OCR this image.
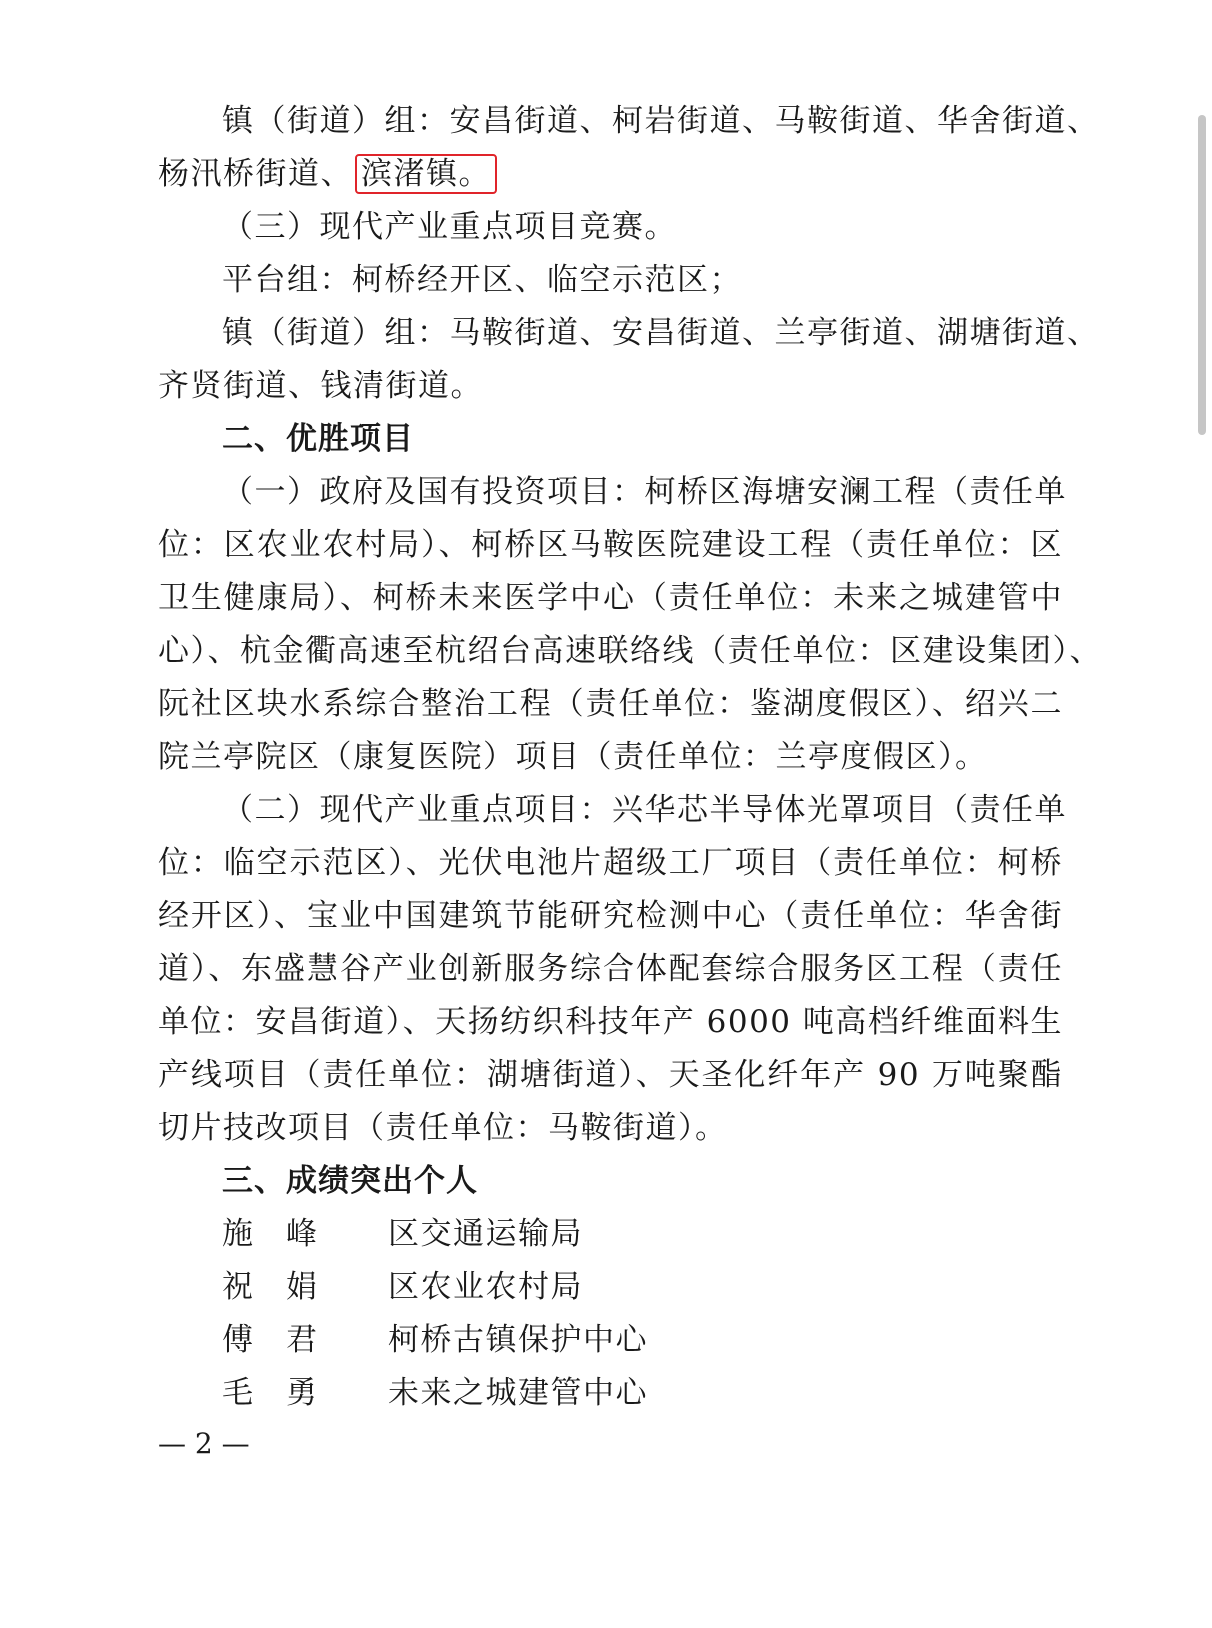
镇（街道）组：安昌街道、柯岩街道、马鞍街道、华舍街道、
杨汛桥街道、 滨渚镇。
（三）现代产业重点项目竞赛。
平台组：柯桥经开区、临空示范区；
镇（街道）组：马鞍街道、安昌街道、兰亭街道、湖塘街道、
齐贤街道、钱清街道。
二、优胜项目
（一）政府及国有投资项目：柯桥区海塘安澜工程（责任单
位：区农业农村局）、柯桥区马鞍医院建设工程（责任单位：区
卫生健康局）、柯桥未来医学中心（责任单位：未来之城建管中
心）、杭金衢高速至杭绍台高速联络线（责任单位：区建设集团）、
阮社区块水系综合整治工程（责任单位：鉴湖度假区）、绍兴二
院兰亭院区（康复医院）项目（责任单位：兰亭度假区）。
（二）现代产业重点项目：兴华芯半导体光罩项目（责任单
位：临空示范区）、光伏电池片超级工厂项目（责任单位：柯桥
经开区）、宝业中国建筑节能研究检测中心（责任单位：华舍街
道）、东盛慧谷产业创新服务综合体配套综合服务区工程（责任
单位：安昌街道）、天扬纺织科技年产 6000 吨高档纤维面料生
产线项目（责任单位：湖塘街道）、天圣化纤年产 90 万吨聚酯
切片技改项目（责任单位：马鞍街道）。
三、成绩突出个人
施　峰 区交通运输局
祝　娟 区农业农村局
傅　君 柯桥古镇保护中心
毛　勇 未来之城建管中心
— 2 —
